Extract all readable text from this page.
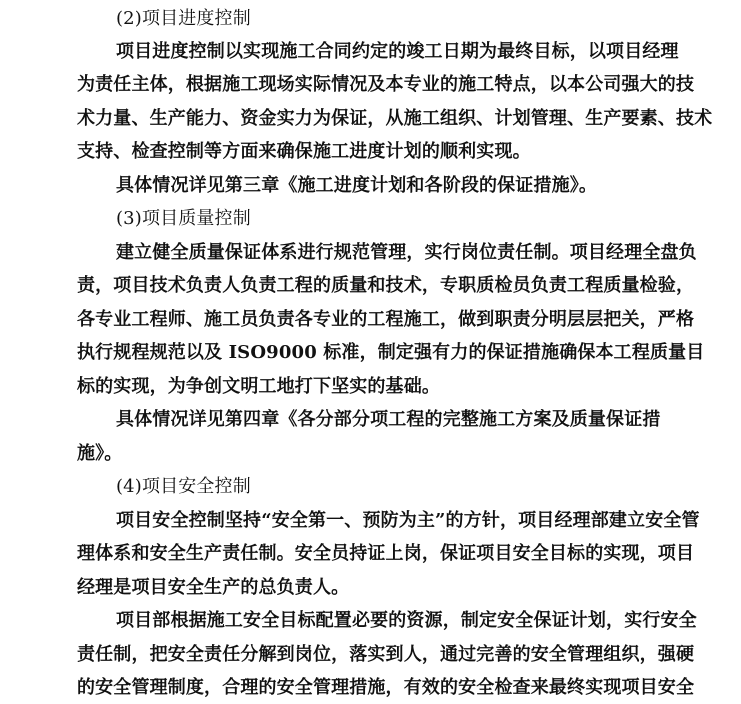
(2)项目进度控制
项目进度控制以实现施工合同约定的竣工日期为最终目标，以项目经理
为责任主体，根据施工现场实际情况及本专业的施工特点，以本公司强大的技
术力量、生产能力、资金实力为保证，从施工组织、计划管理、生产要素、技术
支持、检查控制等方面来确保施工进度计划的顺利实现。
具体情况详见第三章《施工进度计划和各阶段的保证措施》。
(3)项目质量控制
建立健全质量保证体系进行规范管理，实行岗位责任制。项目经理全盘负
责，项目技术负责人负责工程的质量和技术，专职质检员负责工程质量检验，
各专业工程师、施工员负责各专业的工程施工，做到职责分明层层把关，严格
执行规程规范以及 ISO9000 标准，制定强有力的保证措施确保本工程质量目
标的实现，为争创文明工地打下坚实的基础。
具体情况详见第四章《各分部分项工程的完整施工方案及质量保证措
施》。
(4)项目安全控制
项目安全控制坚持“安全第一、预防为主”的方针，项目经理部建立安全管
理体系和安全生产责任制。安全员持证上岗，保证项目安全目标的实现，项目
经理是项目安全生产的总负责人。
项目部根据施工安全目标配置必要的资源，制定安全保证计划，实行安全
责任制，把安全责任分解到岗位，落实到人，通过完善的安全管理组织，强硬
的安全管理制度，合理的安全管理措施，有效的安全检查来最终实现项目安全
